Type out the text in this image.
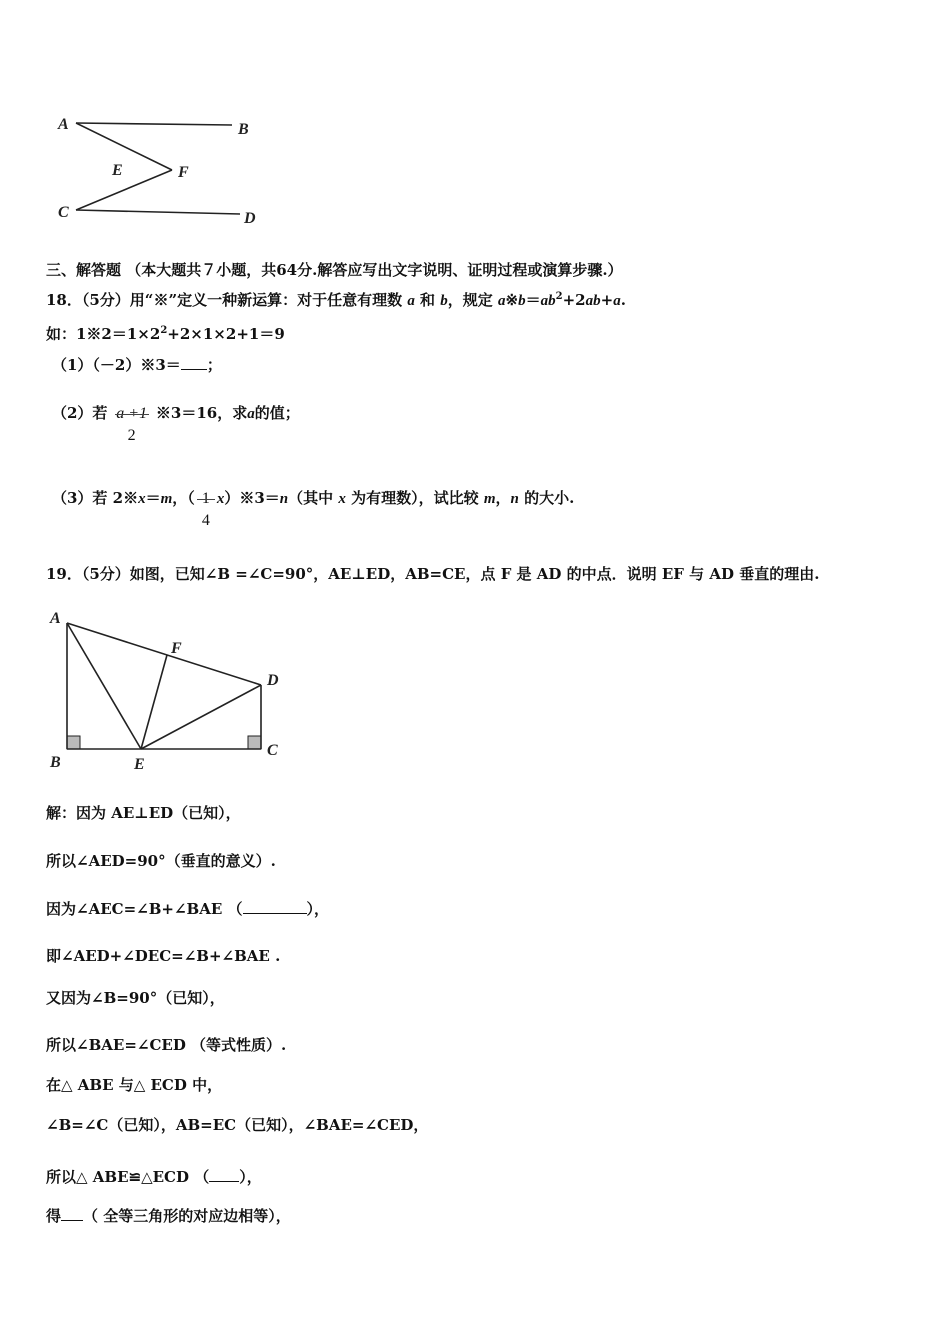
A	B
E	F
C	D
三、解答题 （本大题共７小题，共64分.解答应写出文字说明、证明过程或演算步骤.）
18．（5分）用“※”定义一种新运算：对于任意有理数 a 和 b，规定 $a※b=ab^2+2ab+a$.
如：$1※2=1\times 2^2+2\times 1\times 2+1=9$
（1）（－2）※3＝ ；
（2）若 a +1
2
※3＝16，求a的值；
（3）若 2※x＝m，（ 1
4
x）※3＝n（其中 x 为有理数），试比较 m，n 的大小.
19．（5分）如图，已知∠B =∠C=90°，AE⊥ED，AB=CE，点 F 是 AD 的中点．说明 EF 与 AD 垂直的理由.
A
F
D
B	E
C
解：因为 AE⊥ED（已知），
所以∠AED=90°（垂直的意义）.
因为∠AEC=∠B+∠BAE （	），
即∠AED+∠DEC=∠B+∠BAE .
又因为∠B=90°（已知），
所以∠BAE=∠CED （等式性质）.
在△ ABE 与△ ECD 中，
∠B=∠C（已知），AB=EC（已知），∠BAE=∠CED，
所以△ ABE≌△ECD （ ），
得 （ 全等三角形的对应边相等），
